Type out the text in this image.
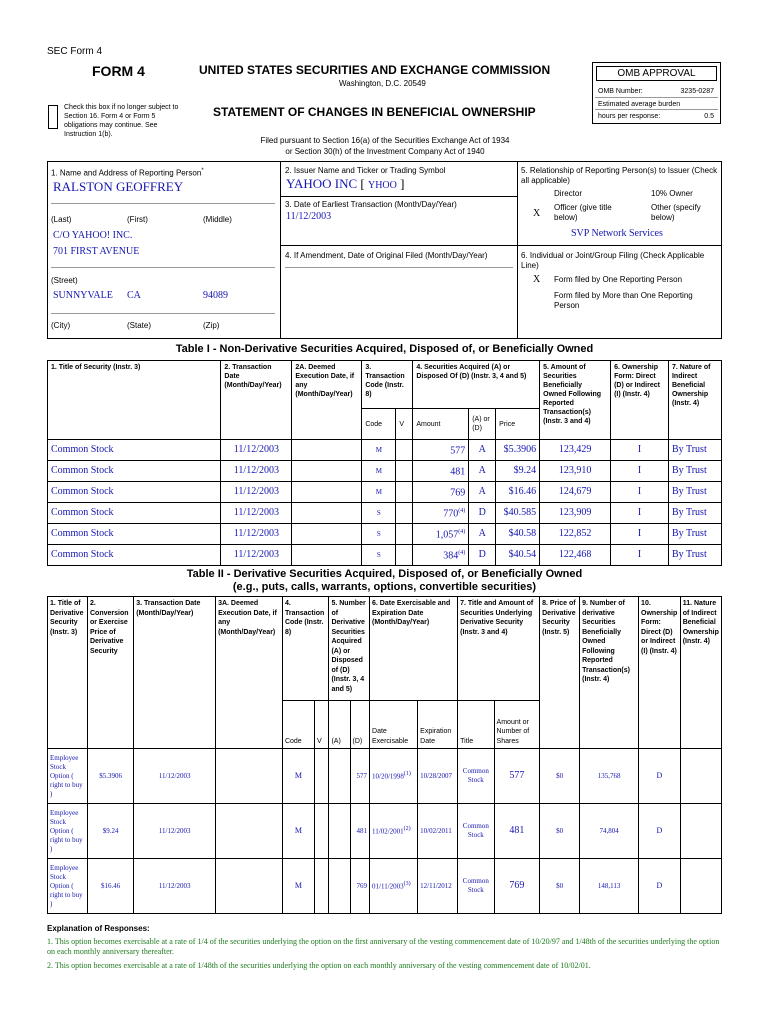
SEC Form 4
FORM 4	UNITED STATES SECURITIES AND EXCHANGE COMMISSION
Washington, D.C. 20549
Check this box if no longer subject to Section 16. Form 4 or Form 5 obligations may continue. See Instruction 1(b).
STATEMENT OF CHANGES IN BENEFICIAL OWNERSHIP
Filed pursuant to Section 16(a) of the Securities Exchange Act of 1934
or Section 30(h) of the Investment Company Act of 1940
OMB APPROVAL
OMB Number:	3235-0287
Estimated average burden
hours per response:	0.5
1. Name and Address of Reporting Person*
RALSTON GEOFFREY
(Last)	(First)	(Middle)
C/O YAHOO! INC.
701 FIRST AVENUE
(Street)
SUNNYVALE CA	94089
(City)	(State)	(Zip)
2. Issuer Name and Ticker or Trading Symbol
YAHOO INC [ YHOO ]
3. Date of Earliest Transaction (Month/Day/Year)
11/12/2003
4. If Amendment, Date of Original Filed (Month/Day/Year)
5. Relationship of Reporting Person(s) to Issuer (Check all applicable)
Director	10% Owner
X
Officer (give title below)
Other (specify below)
SVP Network Services
6. Individual or Joint/Group Filing (Check Applicable Line)
X Form filed by One Reporting Person
Form filed by More than One Reporting Person
Table I - Non-Derivative Securities Acquired, Disposed of, or Beneficially Owned
1. Title of Security (Instr. 3)	2. Transaction Date (Month/Day/Year)	2A. Deemed Execution Date, if any (Month/Day/Year)	3. Transaction Code (Instr. 8)		4. Securities Acquired (A) or Disposed Of (D) (Instr. 3, 4 and 5)			5. Amount of Securities Beneficially Owned Following Reported Transaction(s) (Instr. 3 and 4)	6. Ownership Form: Direct (D) or Indirect (I) (Instr. 4)	7. Nature of Indirect Beneficial Ownership (Instr. 4)
			Code	V	Amount	(A) or (D)	Price			
Common Stock	11/12/2003		M		577	A	$5.3906	123,429	I	By Trust
Common Stock	11/12/2003		M		481	A	$9.24	123,910	I	By Trust
Common Stock	11/12/2003		M		769	A	$16.46	124,679	I	By Trust
Common Stock	11/12/2003		S		770$^{(4)}$	D	$40.585	123,909	I	By Trust
Common Stock	11/12/2003		S		1,057$^{(4)}$	A	$40.58	122,852	I	By Trust
Common Stock	11/12/2003		S		384$^{(4)}$	D	$40.54	122,468	I	By Trust
Table II - Derivative Securities Acquired, Disposed of, or Beneficially Owned
(e.g., puts, calls, warrants, options, convertible securities)
1. Title of Derivative Security (Instr. 3)	2. Conversion or Exercise Price of Derivative Security	3. Transaction Date (Month/Day/Year)	3A. Deemed Execution Date, if any (Month/Day/Year)	4. Transaction Code (Instr. 8)		5. Number of Derivative Securities Acquired (A) or Disposed of (D) (Instr. 3, 4 and 5)		6. Date Exercisable and Expiration Date (Month/Day/Year)		7. Title and Amount of Securities Underlying Derivative Security (Instr. 3 and 4)		8. Price of Derivative Security (Instr. 5)	9. Number of derivative Securities Beneficially Owned Following Reported Transaction(s) (Instr. 4)	10. Ownership Form: Direct (D) or Indirect (I) (Instr. 4)	11. Nature of Indirect Beneficial Ownership (Instr. 4)
				Code	V	(A)	(D)	Date Exercisable	Expiration Date	Title	Amount or Number of Shares				
Employee Stock Option ( right to buy )	$5.3906	11/12/2003		M			577	10/20/1998$^{(1)}$	10/28/2007	Common Stock	577	$0	135,768	D	
Employee Stock Option ( right to buy )	$9.24	11/12/2003		M			481	11/02/2001$^{(2)}$	10/02/2011	Common Stock	481	$0	74,804	D	
Employee Stock Option ( right to buy )	$16.46	11/12/2003		M			769	01/11/2003$^{(3)}$	12/11/2012	Common Stock	769	$0	148,113	D	
Explanation of Responses:
1. This option becomes exercisable at a rate of 1/4 of the securities underlying the option on the first anniversary of the vesting commencement date of 10/20/97 and 1/48th of the securities underlying the option on each monthly anniversary thereafter.
2. This option becomes exercisable at a rate of 1/48th of the securities underlying the option on each monthly anniversary of the vesting commencement date of 10/02/01.
